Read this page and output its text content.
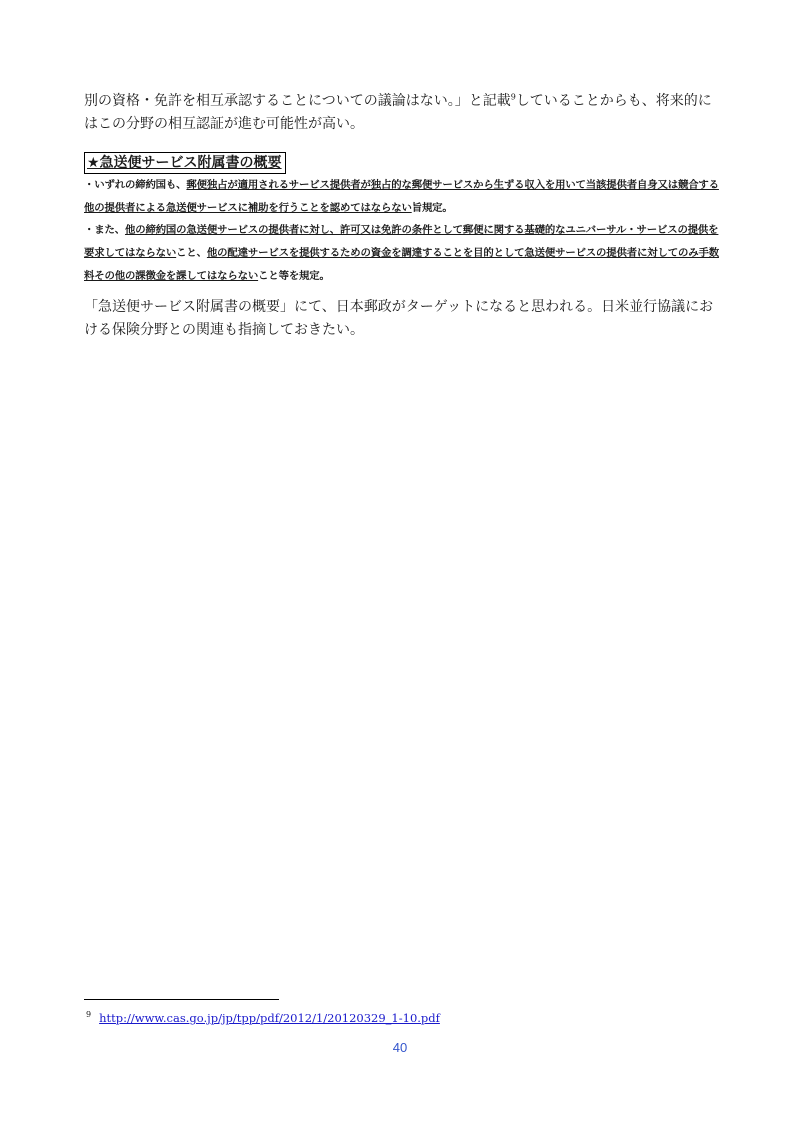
別の資格・免許を相互承認することについての議論はない。」と記載$^9$していることからも、将来的にはこの分野の相互認証が進む可能性が高い。

★急送便サービス附属書の概要

・いずれの締約国も、郵便独占が適用されるサービス提供者が独占的な郵便サービスから生ずる収入を用いて当該提供者自身又は競合する他の提供者による急送便サービスに補助を行うことを認めてはならない旨規定。

・また、他の締約国の急送便サービスの提供者に対し、許可又は免許の条件として郵便に関する基礎的なユニバーサル・サービスの提供を要求してはならないこと、他の配達サービスを提供するための資金を調達することを目的として急送便サービスの提供者に対してのみ手数料その他の課徴金を課してはならないこと等を規定。

「急送便サービス附属書の概要」にて、日本郵政がターゲットになると思われる。日米並行協議における保険分野との関連も指摘しておきたい。

$^9$ http://www.cas.go.jp/jp/tpp/pdf/2012/1/20120329_1-10.pdf
40
